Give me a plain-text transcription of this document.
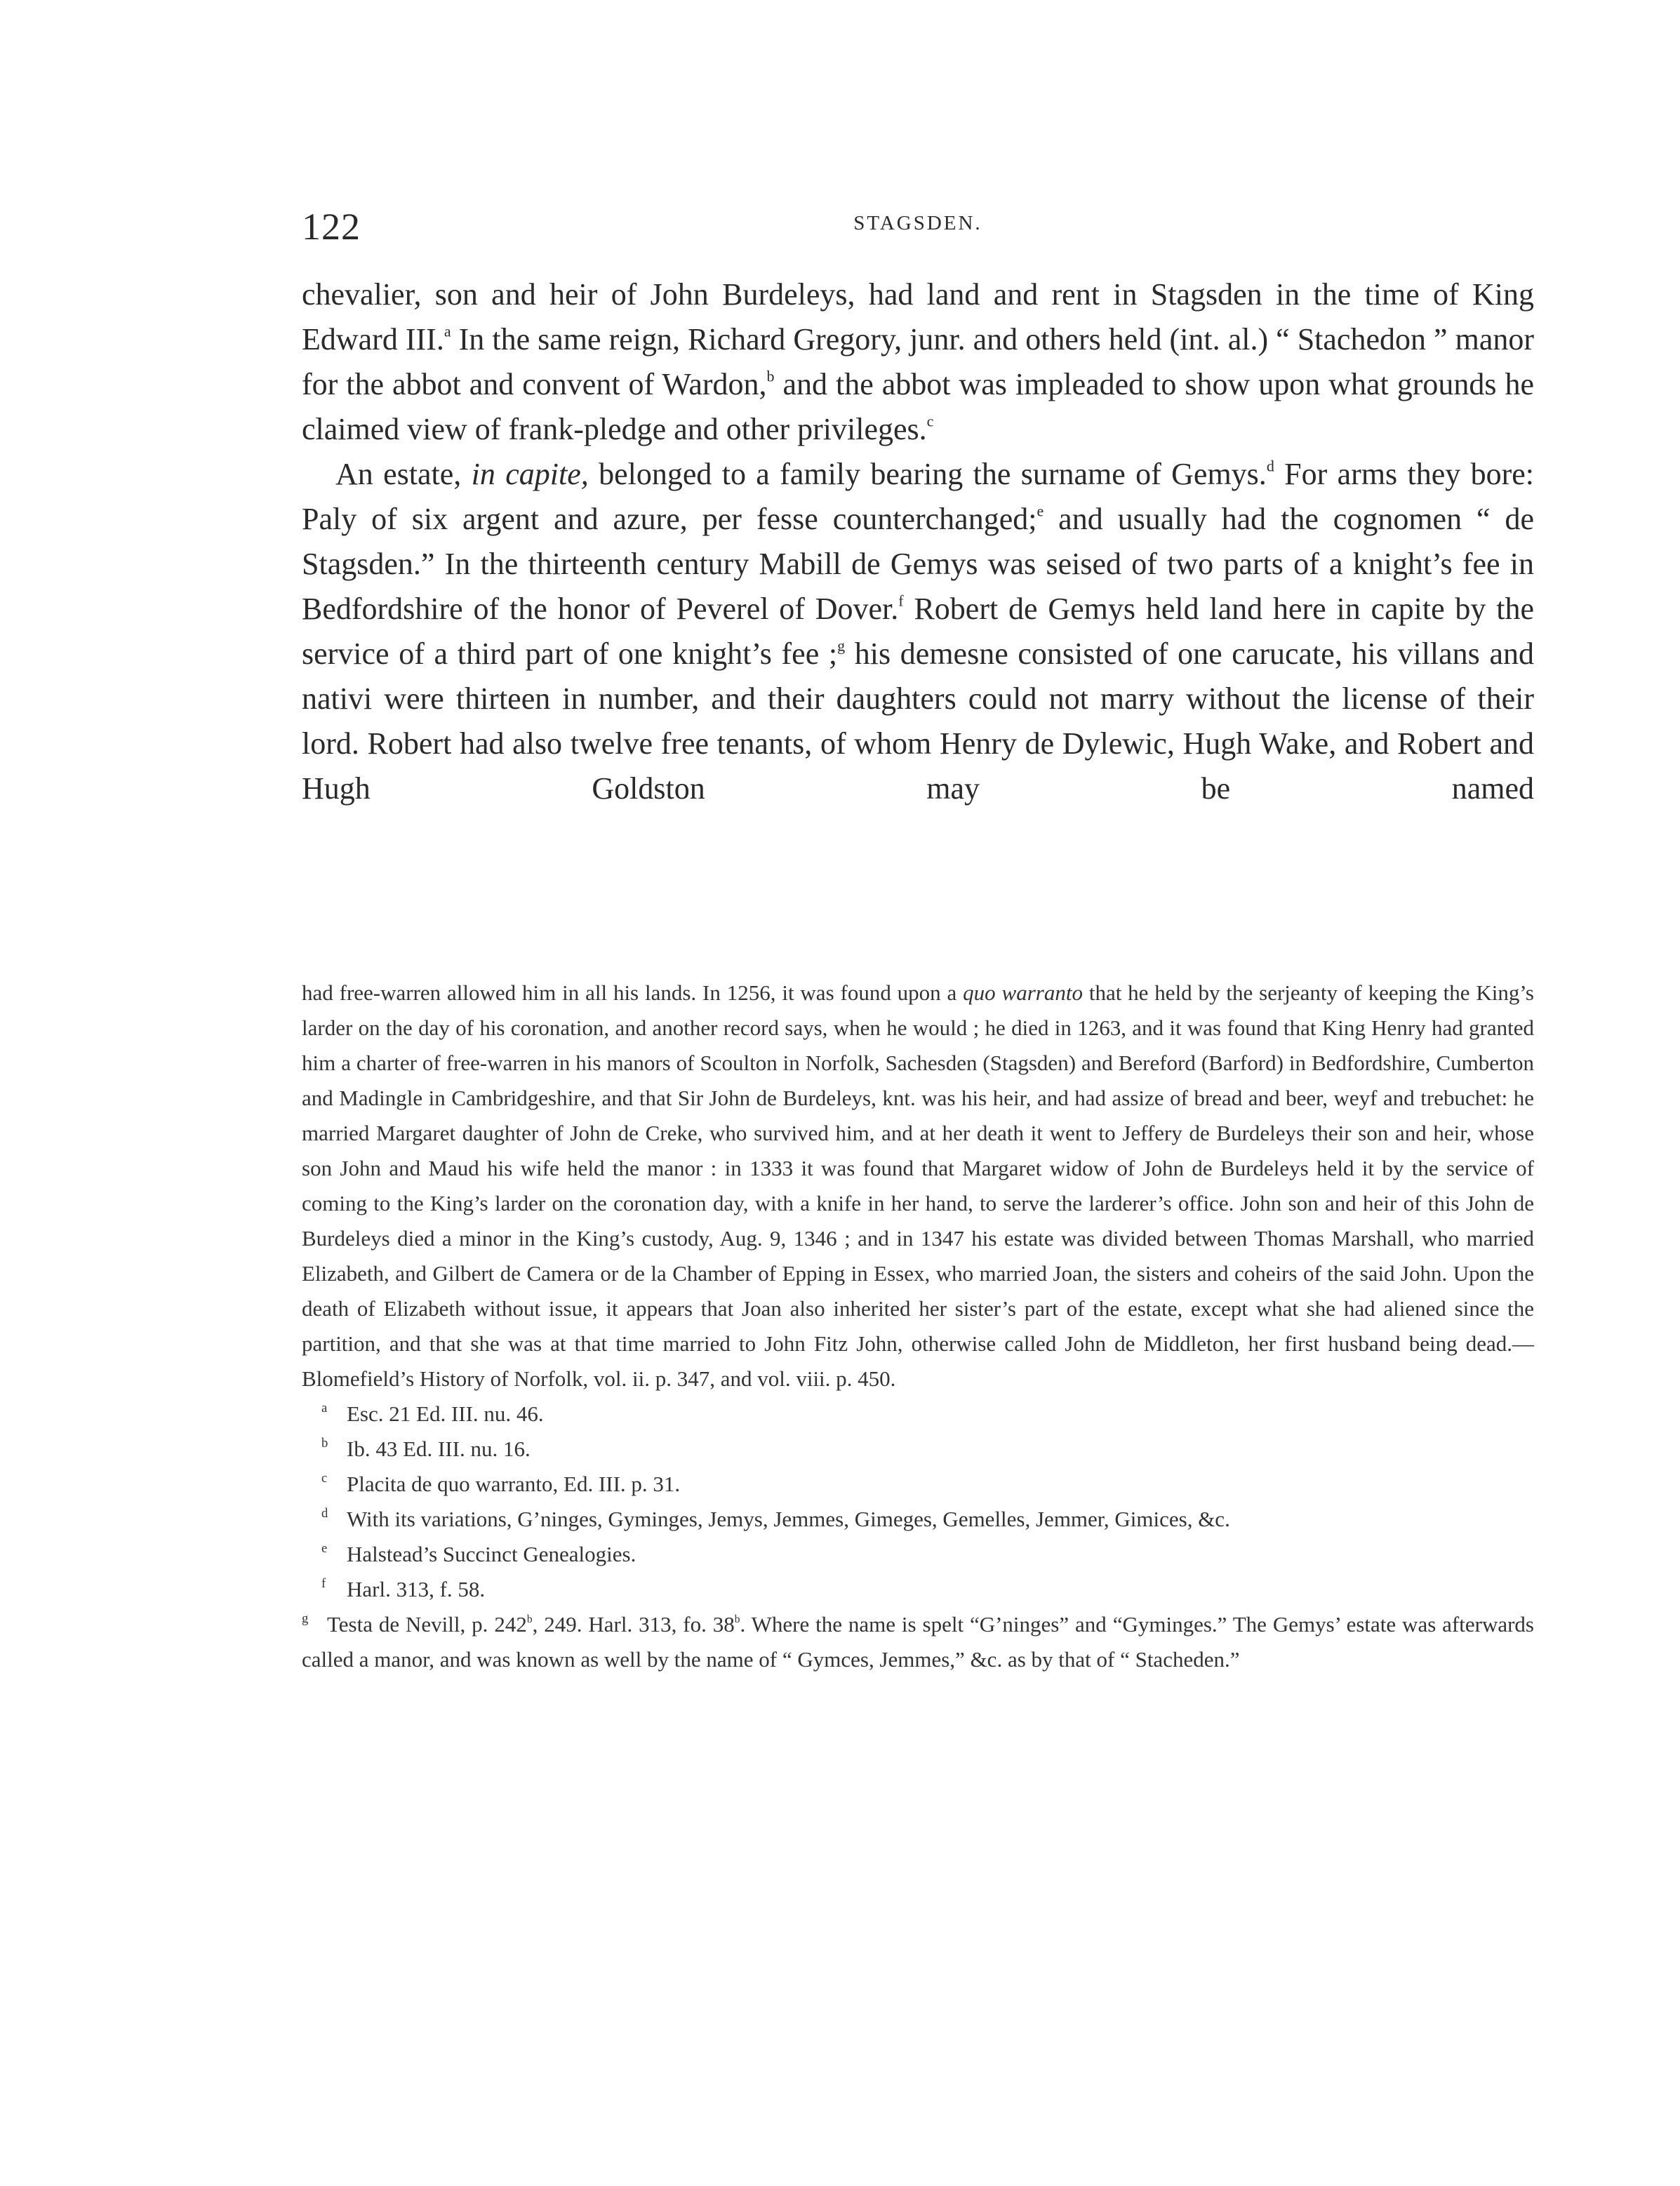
122	STAGSDEN.

chevalier, son and heir of John Burdeleys, had land and rent in Stagsden in the time of King Edward III.$^a$ In the same reign, Richard Gregory, junr. and others held (int. al.) “ Stachedon ” manor for the abbot and convent of Wardon,$^b$ and the abbot was impleaded to show upon what grounds he claimed view of frank-pledge and other privileges.$^c$

An estate, in capite, belonged to a family bearing the surname of Gemys.$^d$ For arms they bore: Paly of six argent and azure, per fesse counterchanged;$^e$ and usually had the cognomen “ de Stagsden.” In the thirteenth century Mabill de Gemys was seised of two parts of a knight’s fee in Bedfordshire of the honor of Peverel of Dover.$^f$ Robert de Gemys held land here in capite by the service of a third part of one knight’s fee ;$^g$ his demesne consisted of one carucate, his villans and nativi were thirteen in number, and their daughters could not marry without the license of their lord. Robert had also twelve free tenants, of whom Henry de Dylewic, Hugh Wake, and Robert and Hugh Goldston may be named

had free-warren allowed him in all his lands. In 1256, it was found upon a quo warranto that he held by the serjeanty of keeping the King’s larder on the day of his coronation, and another record says, when he would ; he died in 1263, and it was found that King Henry had granted him a charter of free-warren in his manors of Scoulton in Norfolk, Sachesden (Stagsden) and Bereford (Barford) in Bedfordshire, Cumberton and Madingle in Cambridgeshire, and that Sir John de Burdeleys, knt. was his heir, and had assize of bread and beer, weyf and trebuchet: he married Margaret daughter of John de Creke, who survived him, and at her death it went to Jeffery de Burdeleys their son and heir, whose son John and Maud his wife held the manor : in 1333 it was found that Margaret widow of John de Burdeleys held it by the service of coming to the King’s larder on the coronation day, with a knife in her hand, to serve the larderer’s office. John son and heir of this John de Burdeleys died a minor in the King’s custody, Aug. 9, 1346 ; and in 1347 his estate was divided between Thomas Marshall, who married Elizabeth, and Gilbert de Camera or de la Chamber of Epping in Essex, who married Joan, the sisters and coheirs of the said John. Upon the death of Elizabeth without issue, it appears that Joan also inherited her sister’s part of the estate, except what she had aliened since the partition, and that she was at that time married to John Fitz John, otherwise called John de Middleton, her first husband being dead.—Blomefield’s History of Norfolk, vol. ii. p. 347, and vol. viii. p. 450.

a Esc. 21 Ed. III. nu. 46.
b Ib. 43 Ed. III. nu. 16.
c Placita de quo warranto, Ed. III. p. 31.
d With its variations, G’ninges, Gyminges, Jemys, Jemmes, Gimeges, Gemelles, Jemmer, Gimices, &c.
e Halstead’s Succinct Genealogies.
f Harl. 313, f. 58.
g Testa de Nevill, p. 242$^b$, 249. Harl. 313, fo. 38$^b$. Where the name is spelt “G’ninges” and “Gyminges.” The Gemys’ estate was afterwards called a manor, and was known as well by the name of “ Gymces, Jemmes,” &c. as by that of “ Stacheden.”
